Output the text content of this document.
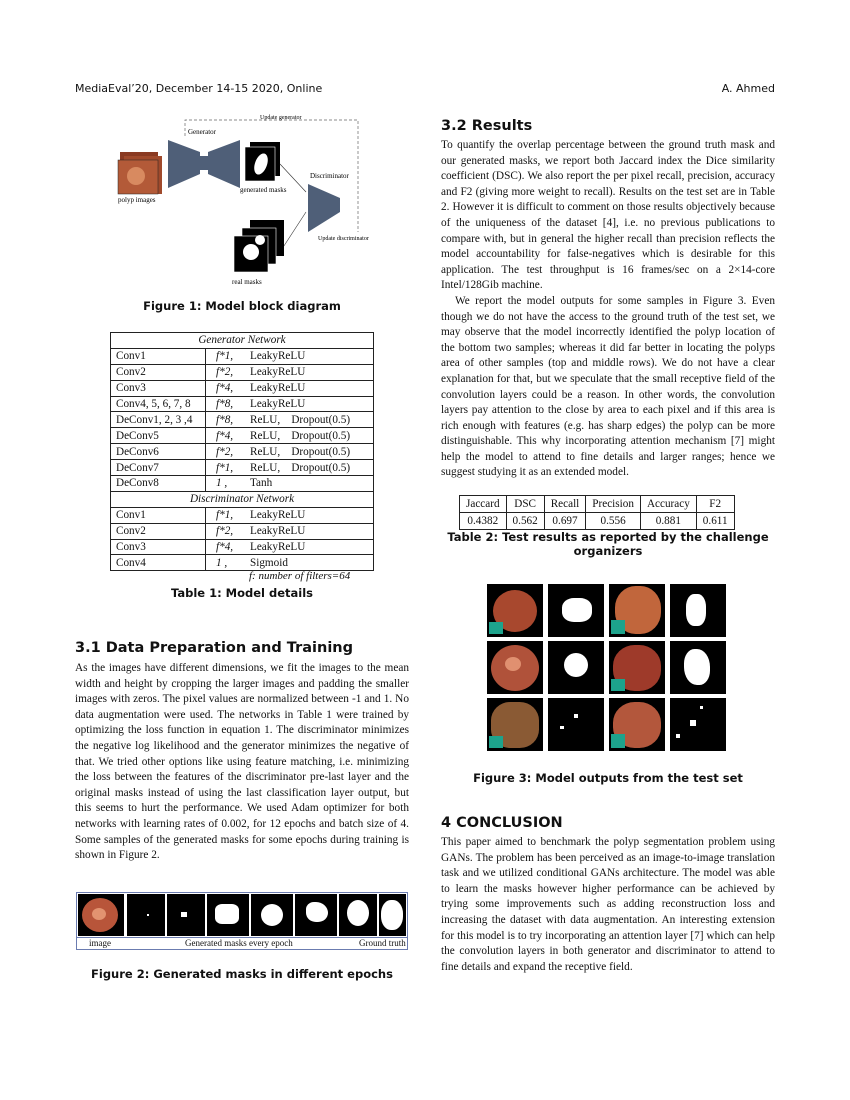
MediaEval’20, December 14-15 2020, Online	A. Ahmed
polyp images
Generator
Update generator
generated masks
Discriminator
Update discriminator
real masks
Figure 1: Model block diagram
Generator Network	
Conv1	f*1, LeakyReLU
Conv2	f*2, LeakyReLU
Conv3	f*4, LeakyReLU
Conv4, 5, 6, 7, 8	f*8, LeakyReLU
DeConv1, 2, 3 ,4	f*8, ReLU,    Dropout(0.5)
DeConv5	f*4, ReLU,    Dropout(0.5)
DeConv6	f*2, ReLU,    Dropout(0.5)
DeConv7	f*1, ReLU,    Dropout(0.5)
DeConv8	1 , Tanh
Discriminator Network	
Conv1	f*1, LeakyReLU
Conv2	f*2, LeakyReLU
Conv3	f*4, LeakyReLU
Conv4	1 , Sigmoid
f: number of filters=64
Table 1: Model details
3.1 Data Preparation and Training

As the images have different dimensions, we fit the images to the mean width and height by cropping the larger images and padding the smaller images with zeros. The pixel values are normalized between -1 and 1. No data augmentation were used. The networks in Table 1 were trained by optimizing the loss function in equation 1. The discriminator minimizes the negative log likelihood and the generator minimizes the negative of that. We tried other options like using feature matching, i.e. minimizing the loss between the features of the discriminator pre-last layer and the original masks instead of using the last classification layer output, but this seems to hurt the performance. We used Adam optimizer for both networks with learning rates of 0.002, for 12 epochs and batch size of 4. Some samples of the generated masks for some epochs during training is shown in Figure 2.

image	Generated masks every epoch	Ground truth
Figure 2: Generated masks in different epochs
3.2 Results

To quantify the overlap percentage between the ground truth mask and our generated masks, we report both Jaccard index the Dice similarity coefficient (DSC). We also report the per pixel recall, precision, accuracy and F2 (giving more weight to recall). Results on the test set are in Table 2. However it is difficult to comment on those results objectively because of the uniqueness of the dataset [4], i.e. no previous publications to compare with, but in general the higher recall than precision reflects the model accountability for false-negatives which is desirable for this application. The test throughput is 16 frames/sec on a 2×14-core Intel/128Gib machine.

We report the model outputs for some samples in Figure 3. Even though we do not have the access to the ground truth of the test set, we may observe that the model incorrectly identified the polyp location of the bottom two samples; whereas it did far better in locating the polyps area of other samples (top and middle rows). We do not have a clear explanation for that, but we speculate that the small receptive field of the convolution layers could be a reason. In other words, the convolution layers pay attention to the close by area to each pixel and if this area is rich enough with features (e.g. has sharp edges) the polyp can be more distinguishable. This why incorporating attention mechanism [7] might help the model to attend to fine details and larger ranges; hence we suggest studying it as an extended model.

Jaccard	DSC	Recall	Precision	Accuracy	F2
0.4382	0.562	0.697	0.556	0.881	0.611
Table 2: Test results as reported by the challenge organizers
Figure 3: Model outputs from the test set
4 CONCLUSION

This paper aimed to benchmark the polyp segmentation problem using GANs. The problem has been perceived as an image-to-image translation task and we utilized conditional GANs architecture. The model was able to learn the masks however higher performance can be achieved by trying some improvements such as adding reconstruction loss and increasing the dataset with data augmentation. An interesting extension for this model is to try incorporating an attention layer [7] which can help the convolution layers in both generator and discriminator to attend to fine details and expand the receptive field.
